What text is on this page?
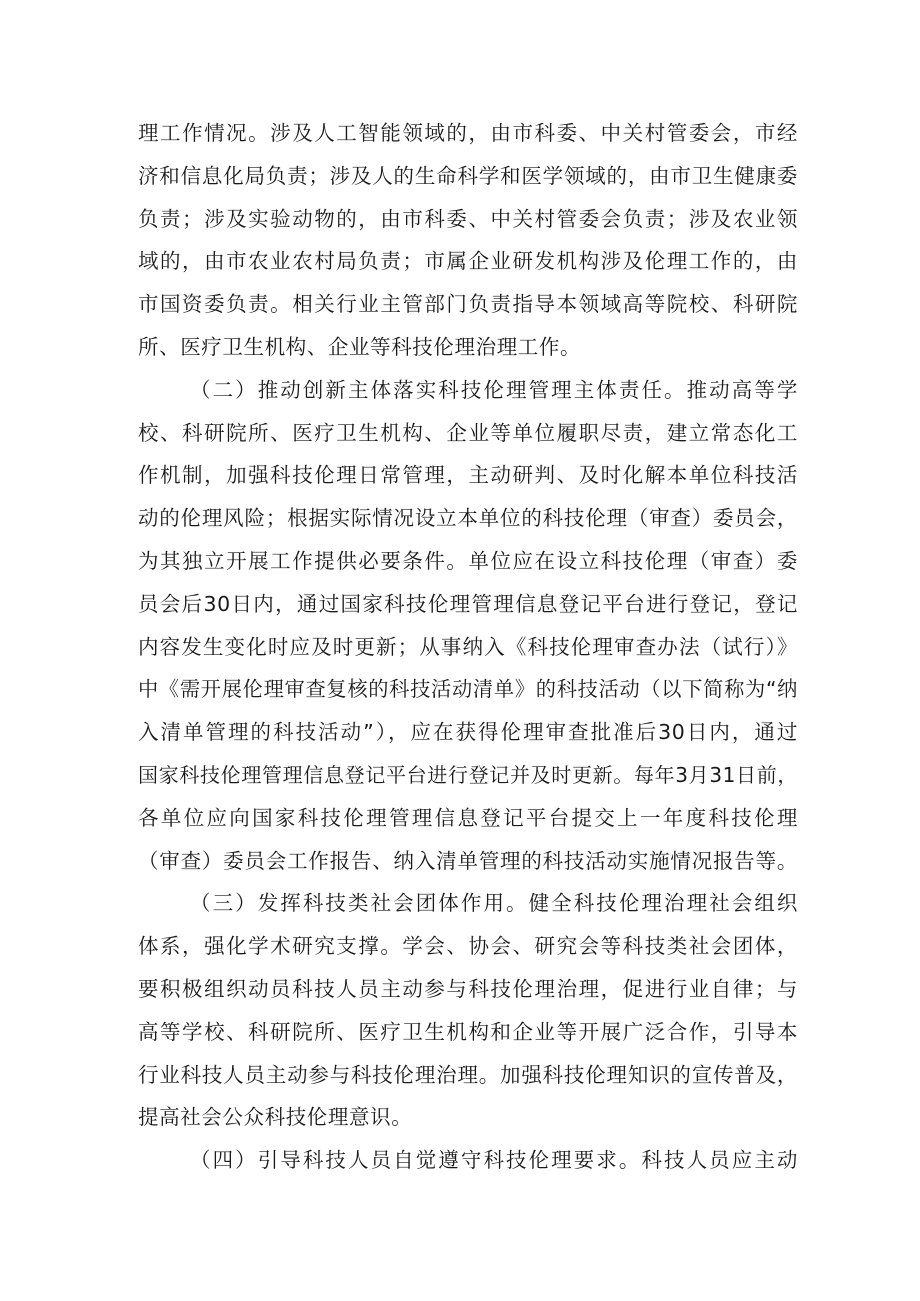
理工作情况。涉及人工智能领域的，由市科委、中关村管委会，市经
济和信息化局负责；涉及人的生命科学和医学领域的，由市卫生健康委
负责；涉及实验动物的，由市科委、中关村管委会负责；涉及农业领
域的，由市农业农村局负责；市属企业研发机构涉及伦理工作的，由
市国资委负责。相关行业主管部门负责指导本领域高等院校、科研院
所、医疗卫生机构、企业等科技伦理治理工作。
（二）推动创新主体落实科技伦理管理主体责任。推动高等学
校、科研院所、医疗卫生机构、企业等单位履职尽责，建立常态化工
作机制，加强科技伦理日常管理，主动研判、及时化解本单位科技活
动的伦理风险；根据实际情况设立本单位的科技伦理（审查）委员会，
为其独立开展工作提供必要条件。单位应在设立科技伦理（审查）委
员会后30日内，通过国家科技伦理管理信息登记平台进行登记，登记
内容发生变化时应及时更新；从事纳入《科技伦理审查办法（试行）》
中《需开展伦理审查复核的科技活动清单》的科技活动（以下简称为“纳
入清单管理的科技活动”），应在获得伦理审查批准后30日内，通过
国家科技伦理管理信息登记平台进行登记并及时更新。每年3月31日前，
各单位应向国家科技伦理管理信息登记平台提交上一年度科技伦理
（审查）委员会工作报告、纳入清单管理的科技活动实施情况报告等。
（三）发挥科技类社会团体作用。健全科技伦理治理社会组织
体系，强化学术研究支撑。学会、协会、研究会等科技类社会团体，
要积极组织动员科技人员主动参与科技伦理治理，促进行业自律；与
高等学校、科研院所、医疗卫生机构和企业等开展广泛合作，引导本
行业科技人员主动参与科技伦理治理。加强科技伦理知识的宣传普及，
提高社会公众科技伦理意识。
（四）引导科技人员自觉遵守科技伦理要求。科技人员应主动
